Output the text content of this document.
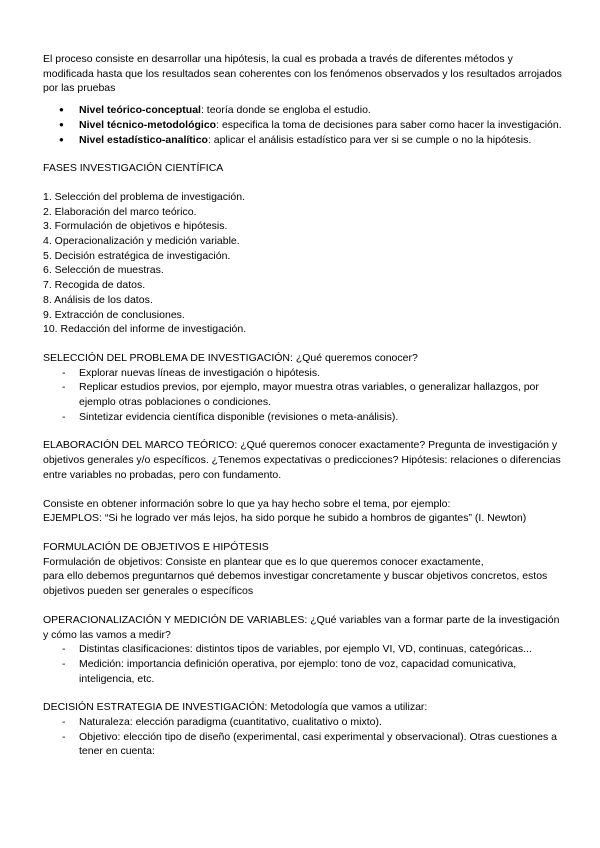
El proceso consiste en desarrollar una hipótesis, la cual es probada a través de diferentes métodos y modificada hasta que los resultados sean coherentes con los fenómenos observados y los resultados arrojados por las pruebas

● Nivel teórico-conceptual: teoría donde se engloba el estudio.
● Nivel técnico-metodológico: especifica la toma de decisiones para saber como hacer la investigación.
● Nivel estadístico-analítico: aplicar el análisis estadístico para ver si se cumple o no la hipótesis.

FASES INVESTIGACIÓN CIENTÍFICA

1. Selección del problema de investigación.
2. Elaboración del marco teórico.
3. Formulación de objetivos e hipótesis.
4. Operacionalización y medición variable.
5. Decisión estratégica de investigación.
6. Selección de muestras.
7. Recogida de datos.
8. Análisis de los datos.
9. Extracción de conclusiones.
10. Redacción del informe de investigación.

SELECCIÓN DEL PROBLEMA DE INVESTIGACIÓN: ¿Qué queremos conocer?

- Explorar nuevas líneas de investigación o hipótesis.
- Replicar estudios previos, por ejemplo, mayor muestra otras variables, o generalizar hallazgos, por ejemplo otras poblaciones o condiciones.
- Sintetizar evidencia científica disponible (revisiones o meta-análisis).

ELABORACIÓN DEL MARCO TEÓRICO: ¿Qué queremos conocer exactamente? Pregunta de investigación y objetivos generales y/o específicos. ¿Tenemos expectativas o predicciones? Hipótesis: relaciones o diferencias entre variables no probadas, pero con fundamento.

Consiste en obtener información sobre lo que ya hay hecho sobre el tema, por ejemplo:

EJEMPLOS: “Si he logrado ver más lejos, ha sido porque he subido a hombros de gigantes” (I. Newton)

FORMULACIÓN DE OBJETIVOS E HIPÓTESIS

Formulación de objetivos: Consiste en plantear que es lo que queremos conocer exactamente,

para ello debemos preguntarnos qué debemos investigar concretamente y buscar objetivos concretos, estos objetivos pueden ser generales o específicos

OPERACIONALIZACIÓN Y MEDICIÓN DE VARIABLES: ¿Qué variables van a formar parte de la investigación y cómo las vamos a medir?

- Distintas clasificaciones: distintos tipos de variables, por ejemplo VI, VD, continuas, categóricas...
- Medición: importancia definición operativa, por ejemplo: tono de voz, capacidad comunicativa, inteligencia, etc.

DECISIÓN ESTRATEGIA DE INVESTIGACIÓN: Metodología que vamos a utilizar:

- Naturaleza: elección paradigma (cuantitativo, cualitativo o mixto).
- Objetivo: elección tipo de diseño (experimental, casi experimental y observacional). Otras cuestiones a tener en cuenta:
